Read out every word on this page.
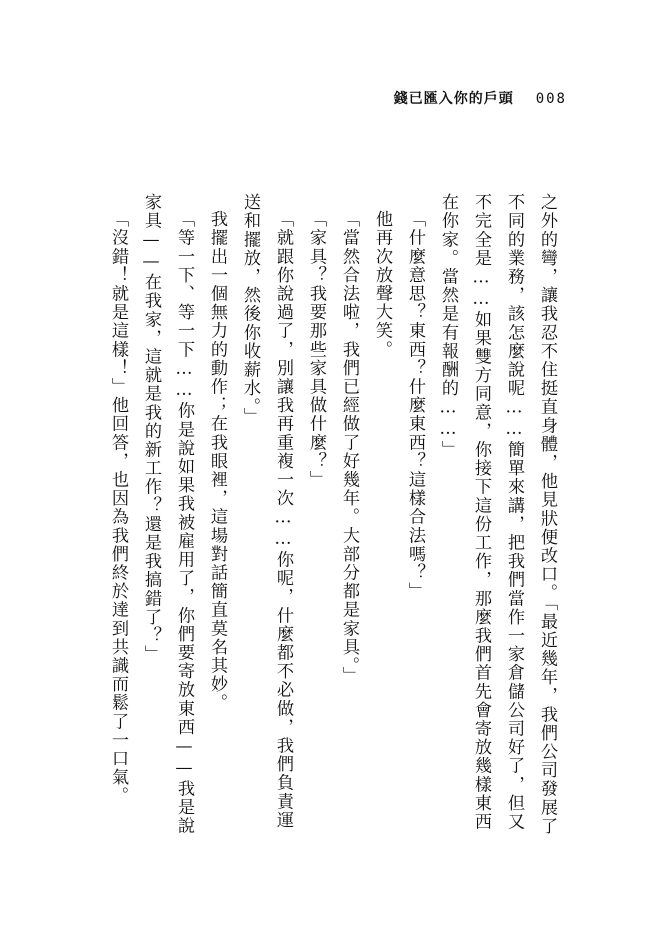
錢已匯入你的戶頭 008

之外的彎，讓我忍不住挺直身體，他見狀便改口。「最近幾年，我們公司發展了不同的業務，該怎麼說呢……簡單來講，把我們當作一家倉儲公司好了，但又不完全是……如果雙方同意，你接下這份工作，那麼我們首先會寄放幾樣東西在你家。當然是有報酬的……」

「什麼意思？東西？什麼東西？這樣合法嗎？」

他再次放聲大笑。

「當然合法啦，我們已經做了好幾年。大部分都是家具。」

「家具？我要那些家具做什麼？」

「就跟你說過了，別讓我再重複一次……你呢，什麼都不必做，我們負責運送和擺放，然後你收薪水。」

我擺出一個無力的動作；在我眼裡，這場對話簡直莫名其妙。

「等一下、等一下……你是說如果我被雇用了，你們要寄放東西——我是說家具——在我家，這就是我的新工作？還是我搞錯了？」

「沒錯！就是這樣！」他回答，也因為我們終於達到共識而鬆了一口氣。
